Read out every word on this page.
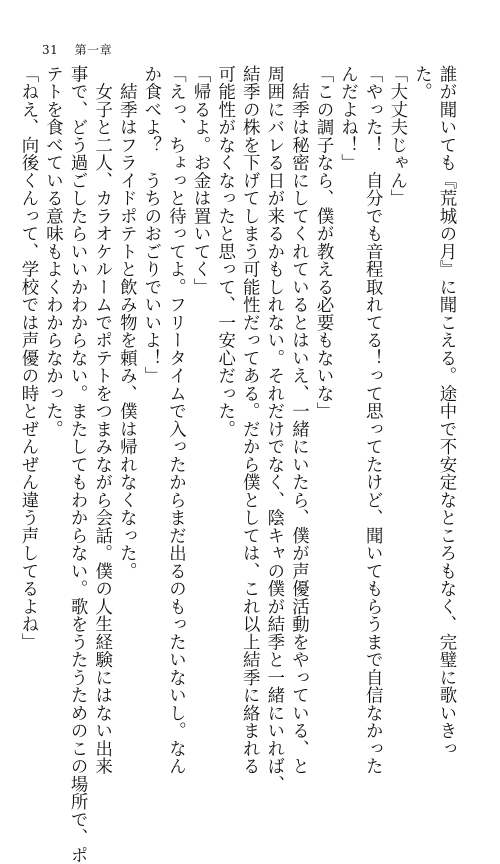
31 第一章
誰が聞いても『荒城の月』に聞こえる。途中で不安定なところもなく、完璧に歌いきっ
た。
「大丈夫じゃん」
「やった！　自分でも音程取れてる！って思ってたけど、聞いてもらうまで自信なかった
んだよね！」
「この調子なら、僕が教える必要もないな」
　結季は秘密にしてくれているとはいえ、一緒にいたら、僕が声優活動をやっている、と
周囲にバレる日が来るかもしれない。それだけでなく、陰キャの僕が結季と一緒にいれば、
結季の株を下げてしまう可能性だってある。だから僕としては、これ以上結季に絡まれる
可能性がなくなったと思って、一安心だった。
「帰るよ。お金は置いてく」
「えっ、ちょっと待ってよ。フリータイムで入ったからまだ出るのもったいないし。なん
か食べよ？　うちのおごりでいいよ！」
　結季はフライドポテトと飲み物を頼み、僕は帰れなくなった。
　女子と二人、カラオケルームでポテトをつまみながら会話。僕の人生経験にはない出来
事で、どう過ごしたらいいかわからない。またしてもわからない。歌をうたうためのこの場所で、ポ
テトを食べている意味もよくわからなかった。
「ねえ、向後くんって、学校では声優の時とぜんぜん違う声してるよね」
